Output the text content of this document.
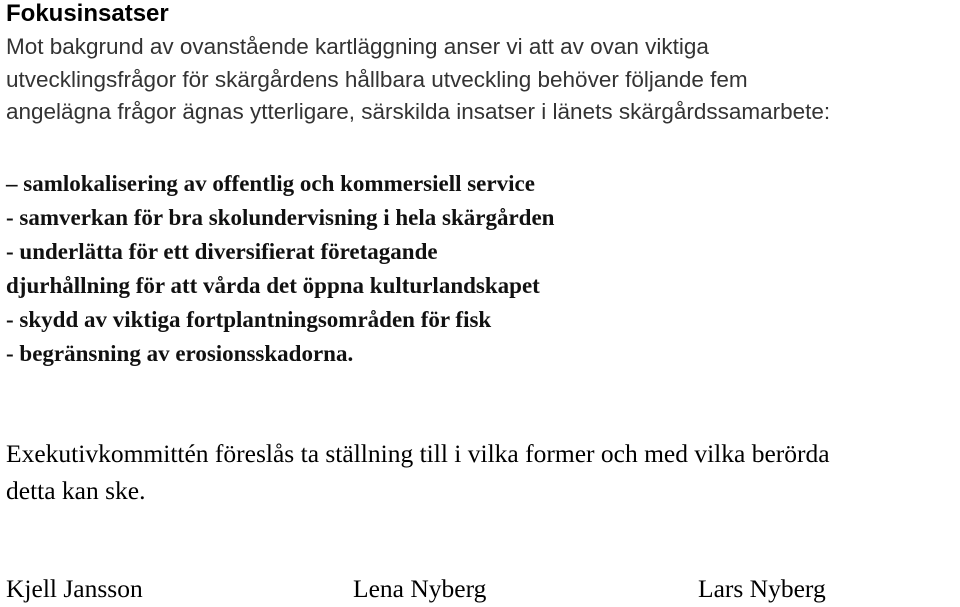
Fokusinsatser
Mot bakgrund av ovanstående kartläggning anser vi att av ovan viktiga
utvecklingsfrågor för skärgårdens hållbara utveckling behöver följande fem
angelägna frågor ägnas ytterligare, särskilda insatser i länets skärgårdssamarbete:
– samlokalisering av offentlig och kommersiell service
- samverkan för bra skolundervisning i hela skärgården
- underlätta för ett diversifierat företagande
djurhållning för att vårda det öppna kulturlandskapet
- skydd av viktiga fortplantningsområden för fisk
- begränsning av erosionsskadorna.
Exekutivkommittén föreslås ta ställning till i vilka former och med vilka berörda
detta kan ske.
Kjell Jansson	Lena Nyberg	Lars Nyberg
